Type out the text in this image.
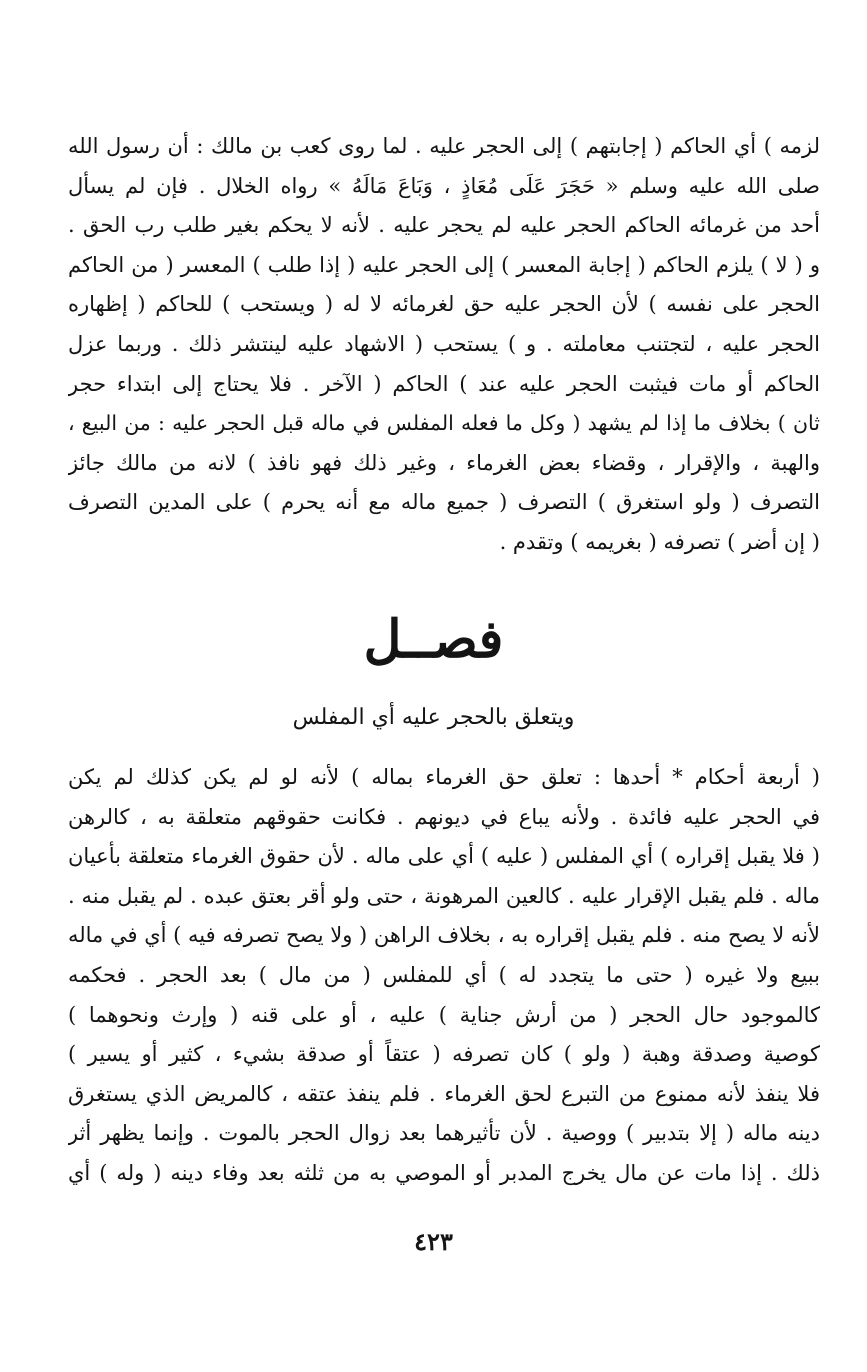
لزمه ) أي الحاكم ( إجابتهم ) إلى الحجر عليه . لما روى كعب بن مالك : أن رسول الله
صلى الله عليه وسلم « حَجَرَ عَلَى مُعَاذٍ ، وَبَاعَ مَالَهُ » رواه الخلال . فإن لم يسأل
أحد من غرمائه الحاكم الحجر عليه لم يحجر عليه . لأنه لا يحكم بغير طلب رب الحق .
و ( لا ) يلزم الحاكم ( إجابة المعسر ) إلى الحجر عليه ( إذا طلب ) المعسر ( من الحاكم
الحجر على نفسه ) لأن الحجر عليه حق لغرمائه لا له ( ويستحب ) للحاكم ( إظهاره
الحجر عليه ، لتجتنب معاملته . و ) يستحب ( الاشهاد عليه لينتشر ذلك . وربما عزل
الحاكم أو مات فيثبت الحجر عليه عند ) الحاكم ( الآخر . فلا يحتاج إلى ابتداء حجر
ثان ) بخلاف ما إذا لم يشهد ( وكل ما فعله المفلس في ماله قبل الحجر عليه : من البيع ،
والهبة ، والإقرار ، وقضاء بعض الغرماء ، وغير ذلك فهو نافذ ) لانه من مالك جائز
التصرف ( ولو استغرق ) التصرف ( جميع ماله مع أنه يحرم ) على المدين التصرف
( إن أضر ) تصرفه ( بغريمه ) وتقدم .
فصــل
ويتعلق بالحجر عليه أي المفلس
( أربعة أحكام * أحدها : تعلق حق الغرماء بماله ) لأنه لو لم يكن كذلك لم يكن
في الحجر عليه فائدة . ولأنه يباع في ديونهم . فكانت حقوقهم متعلقة به ، كالرهن
( فلا يقبل إقراره ) أي المفلس ( عليه ) أي على ماله . لأن حقوق الغرماء متعلقة بأعيان
ماله . فلم يقبل الإقرار عليه . كالعين المرهونة ، حتى ولو أقر بعتق عبده . لم يقبل منه .
لأنه لا يصح منه . فلم يقبل إقراره به ، بخلاف الراهن ( ولا يصح تصرفه فيه ) أي في ماله
ببيع ولا غيره ( حتى ما يتجدد له ) أي للمفلس ( من مال ) بعد الحجر . فحكمه
كالموجود حال الحجر ( من أرش جناية ) عليه ، أو على قنه ( وإرث ونحوهما )
كوصية وصدقة وهبة ( ولو ) كان تصرفه ( عتقاً أو صدقة بشيء ، كثير أو يسير )
فلا ينفذ لأنه ممنوع من التبرع لحق الغرماء . فلم ينفذ عتقه ، كالمريض الذي يستغرق
دينه ماله ( إلا بتدبير ) ووصية . لأن تأثيرهما بعد زوال الحجر بالموت . وإنما يظهر أثر
ذلك . إذا مات عن مال يخرج المدبر أو الموصي به من ثلثه بعد وفاء دينه ( وله ) أي
٤٢٣
